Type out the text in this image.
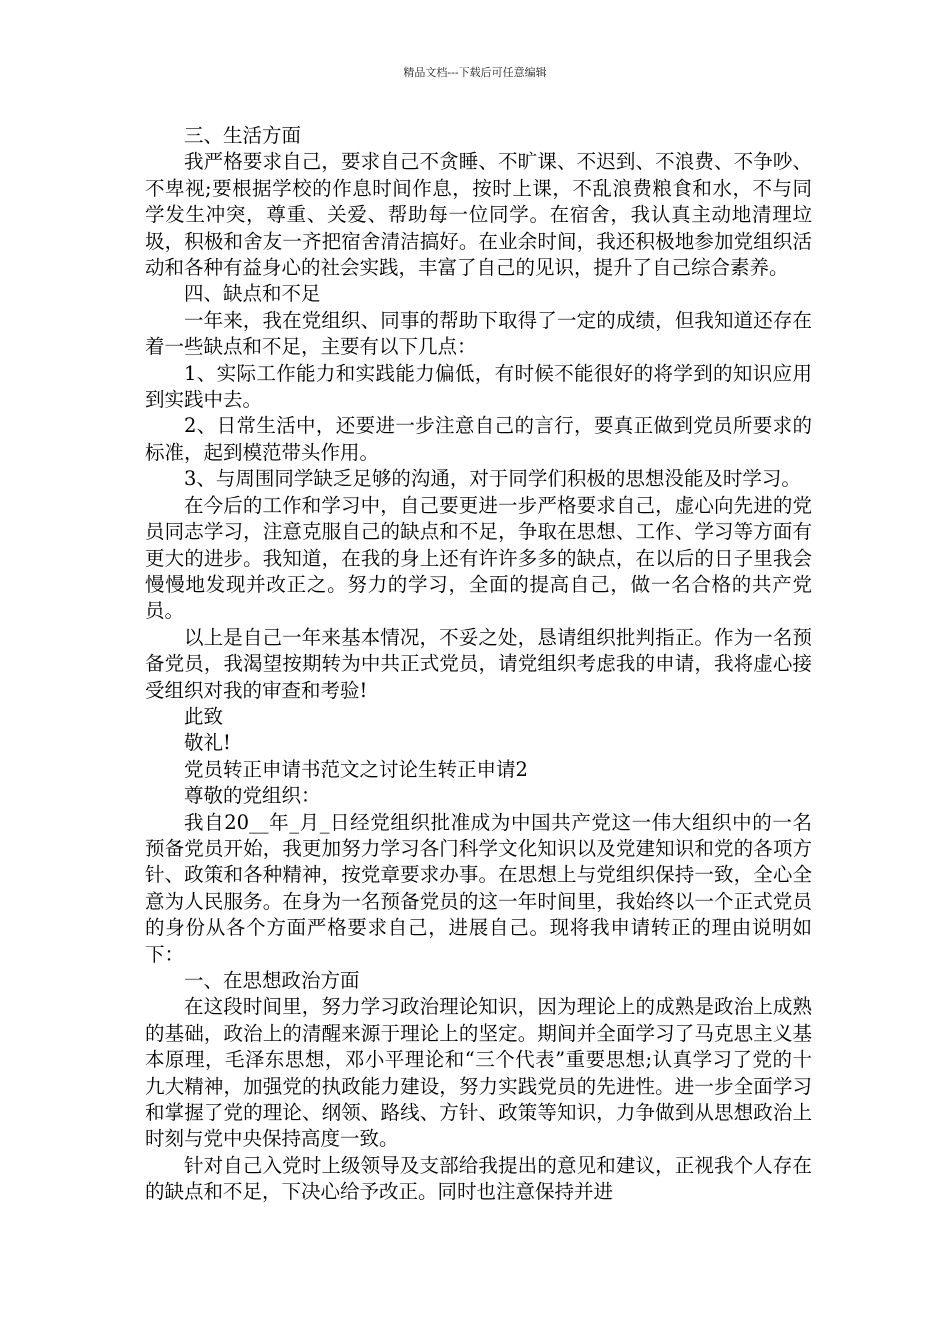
精品文档---下载后可任意编辑

三、生活方面

我严格要求自己，要求自己不贪睡、不旷课、不迟到、不浪费、不争吵、不卑视;要根据学校的作息时间作息，按时上课，不乱浪费粮食和水，不与同学发生冲突，尊重、关爱、帮助每一位同学。在宿舍，我认真主动地清理垃圾，积极和舍友一齐把宿舍清洁搞好。在业余时间，我还积极地参加党组织活动和各种有益身心的社会实践，丰富了自己的见识，提升了自己综合素养。

四、缺点和不足

一年来，我在党组织、同事的帮助下取得了一定的成绩，但我知道还存在着一些缺点和不足，主要有以下几点：

1、实际工作能力和实践能力偏低，有时候不能很好的将学到的知识应用到实践中去。

2、日常生活中，还要进一步注意自己的言行，要真正做到党员所要求的标准，起到模范带头作用。

3、与周围同学缺乏足够的沟通，对于同学们积极的思想没能及时学习。

在今后的工作和学习中，自己要更进一步严格要求自己，虚心向先进的党员同志学习，注意克服自己的缺点和不足，争取在思想、工作、学习等方面有更大的进步。我知道，在我的身上还有许许多多的缺点，在以后的日子里我会慢慢地发现并改正之。努力的学习，全面的提高自己，做一名合格的共产党员。

以上是自己一年来基本情况，不妥之处，恳请组织批判指正。作为一名预备党员，我渴望按期转为中共正式党员，请党组织考虑我的申请，我将虚心接受组织对我的审查和考验!

此致

敬礼!

党员转正申请书范文之讨论生转正申请2

尊敬的党组织：

我自20__年_月_日经党组织批准成为中国共产党这一伟大组织中的一名预备党员开始，我更加努力学习各门科学文化知识以及党建知识和党的各项方针、政策和各种精神，按党章要求办事。在思想上与党组织保持一致，全心全意为人民服务。在身为一名预备党员的这一年时间里，我始终以一个正式党员的身份从各个方面严格要求自己，进展自己。现将我申请转正的理由说明如下：

一、在思想政治方面

在这段时间里，努力学习政治理论知识，因为理论上的成熟是政治上成熟的基础，政治上的清醒来源于理论上的坚定。期间并全面学习了马克思主义基本原理，毛泽东思想，邓小平理论和“三个代表”重要思想;认真学习了党的十九大精神，加强党的执政能力建设，努力实践党员的先进性。进一步全面学习和掌握了党的理论、纲领、路线、方针、政策等知识，力争做到从思想政治上时刻与党中央保持高度一致。

针对自己入党时上级领导及支部给我提出的意见和建议，正视我个人存在的缺点和不足，下决心给予改正。同时也注意保持并进
